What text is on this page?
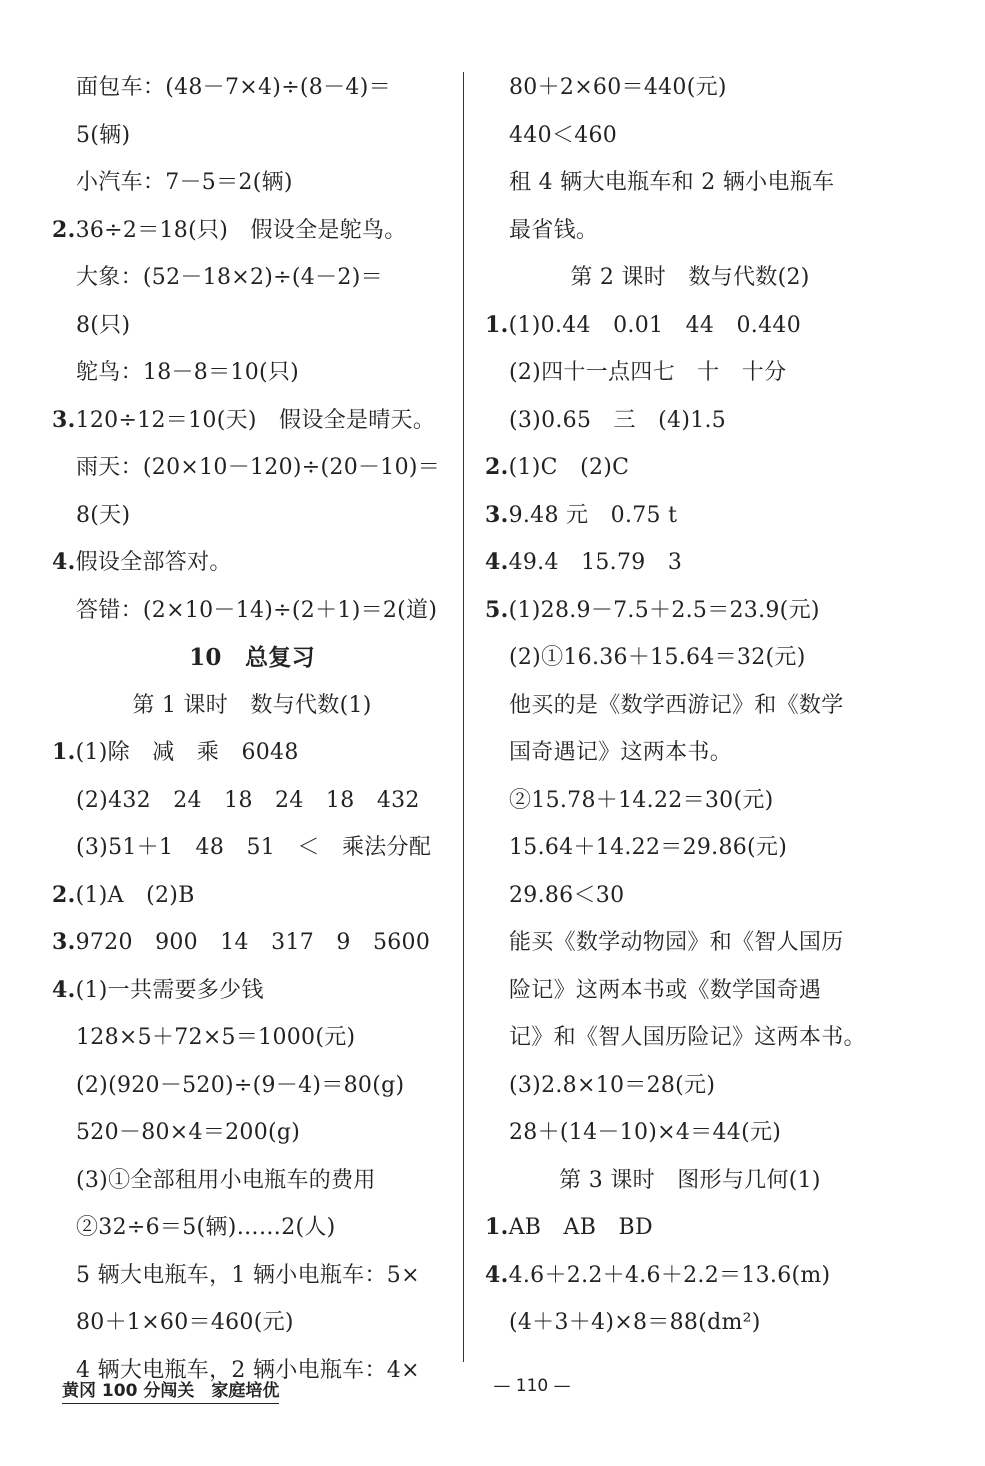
面包车：(48－7×4)÷(8－4)＝
5(辆)
小汽车：7－5＝2(辆)
2.36÷2＝18(只)　假设全是鸵鸟。
大象：(52－18×2)÷(4－2)＝
8(只)
鸵鸟：18－8＝10(只)
3.120÷12＝10(天)　假设全是晴天。
雨天：(20×10－120)÷(20－10)＝
8(天)
4.假设全部答对。
答错：(2×10－14)÷(2＋1)＝2(道)
10　总复习
第 1 课时　数与代数(1)
1.(1)除　减　乘　6048
(2)432　24　18　24　18　432
(3)51＋1　48　51　＜　乘法分配
2.(1)A　(2)B
3.9720　900　14　317　9　5600
4.(1)一共需要多少钱
128×5＋72×5＝1000(元)
(2)(920－520)÷(9－4)＝80(g)
520－80×4＝200(g)
(3)①全部租用小电瓶车的费用
②32÷6＝5(辆)……2(人)
5 辆大电瓶车，1 辆小电瓶车：5×
80＋1×60＝460(元)
4 辆大电瓶车，2 辆小电瓶车：4×
80＋2×60＝440(元)
440＜460
租 4 辆大电瓶车和 2 辆小电瓶车
最省钱。
第 2 课时　数与代数(2)
1.(1)0.44　0.01　44　0.440
(2)四十一点四七　十　十分
(3)0.65　三　(4)1.5
2.(1)C　(2)C
3.9.48 元　0.75 t
4.49.4　15.79　3
5.(1)28.9－7.5＋2.5＝23.9(元)
(2)①16.36＋15.64＝32(元)
他买的是《数学西游记》和《数学
国奇遇记》这两本书。
②15.78＋14.22＝30(元)
15.64＋14.22＝29.86(元)
29.86＜30
能买《数学动物园》和《智人国历
险记》这两本书或《数学国奇遇
记》和《智人国历险记》这两本书。
(3)2.8×10＝28(元)
28＋(14－10)×4＝44(元)
第 3 课时　图形与几何(1)
1.AB　AB　BD
4.4.6＋2.2＋4.6＋2.2＝13.6(m)
(4＋3＋4)×8＝88(dm²)
黄冈 100 分闯关　家庭培优	— 110 —
